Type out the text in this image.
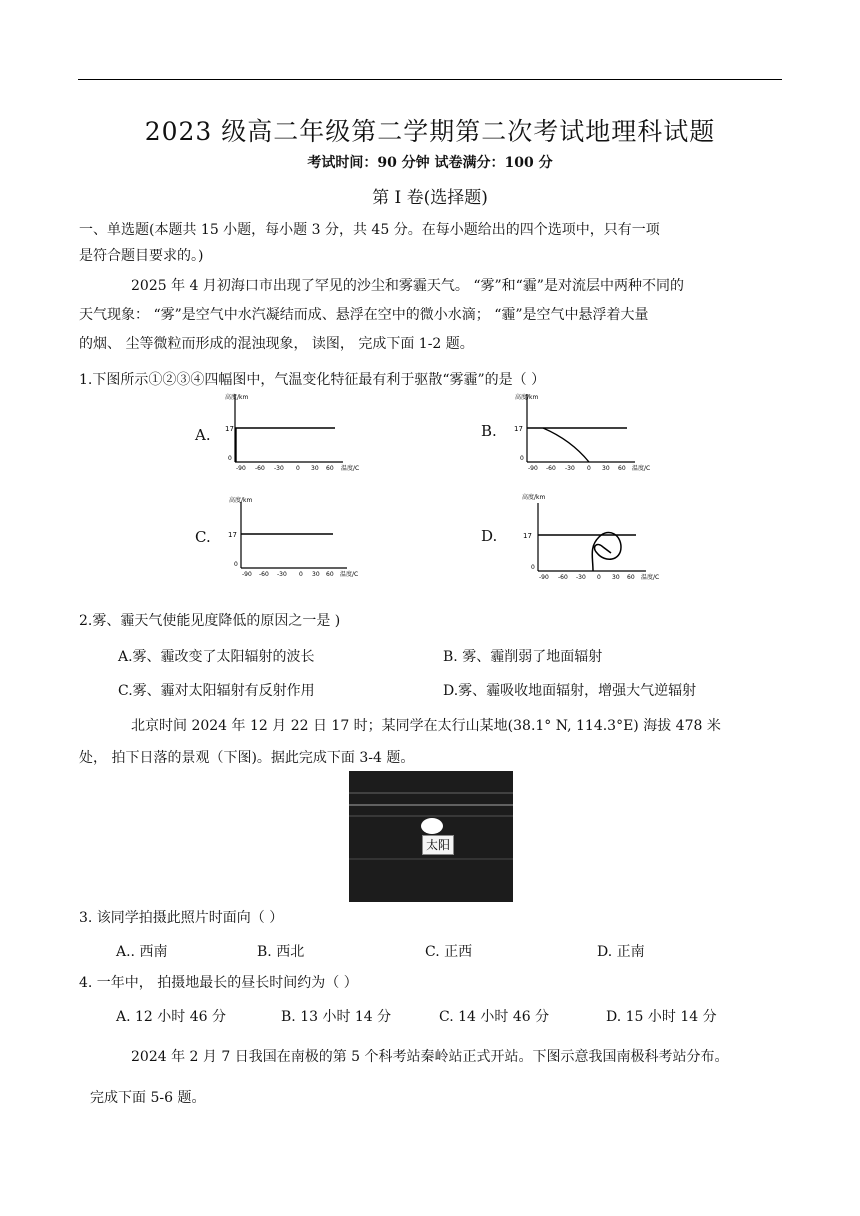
2023 级高二年级第二学期第二次考试地理科试题
考试时间：90 分钟 试卷满分：100 分
第 I 卷(选择题)
一、单选题(本题共 15 小题，每小题 3 分，共 45 分。在每小题给出的四个选项中，只有一项
是符合题目要求的。)
2025 年 4 月初海口市出现了罕见的沙尘和雾霾天气。 “雾”和“霾”是对流层中两种不同的
天气现象： “雾”是空气中水汽凝结而成、悬浮在空中的微小水滴； “霾”是空气中悬浮着大量
的烟、 尘等微粒而形成的混浊现象， 读图， 完成下面 1-2 题。
1.下图所示①②③④四幅图中，气温变化特征最有利于驱散“雾霾”的是（ ）
A.
高度/km
17
0
-90 -60 -30 0 30 60 温度/C
B.
高度/km
17
0
-90 -60 -30 0 30 60 温度/C
C.
高度/km
17
0
-90 -60 -30 0 30 60 温度/C
D.
高度/km
17
0
-90 -60 -30 0 30 60 温度/C
2.雾、霾天气使能见度降低的原因之一是 )
A.雾、霾改变了太阳辐射的波长	B. 雾、霾削弱了地面辐射
C.雾、霾对太阳辐射有反射作用	D.雾、霾吸收地面辐射，增强大气逆辐射
北京时间 2024 年 12 月 22 日 17 时；某同学在太行山某地(38.1° N, 114.3°E) 海拔 478 米
处， 拍下日落的景观（下图)。据此完成下面 3-4 题。
太阳
3. 该同学拍摄此照片时面向（ ）
A.. 西南	B. 西北	C. 正西	D. 正南
4. 一年中， 拍摄地最长的昼长时间约为（ ）
A. 12 小时 46 分	B. 13 小时 14 分	C. 14 小时 46 分	D. 15 小时 14 分
2024 年 2 月 7 日我国在南极的第 5 个科考站秦岭站正式开站。下图示意我国南极科考站分布。
完成下面 5-6 题。
